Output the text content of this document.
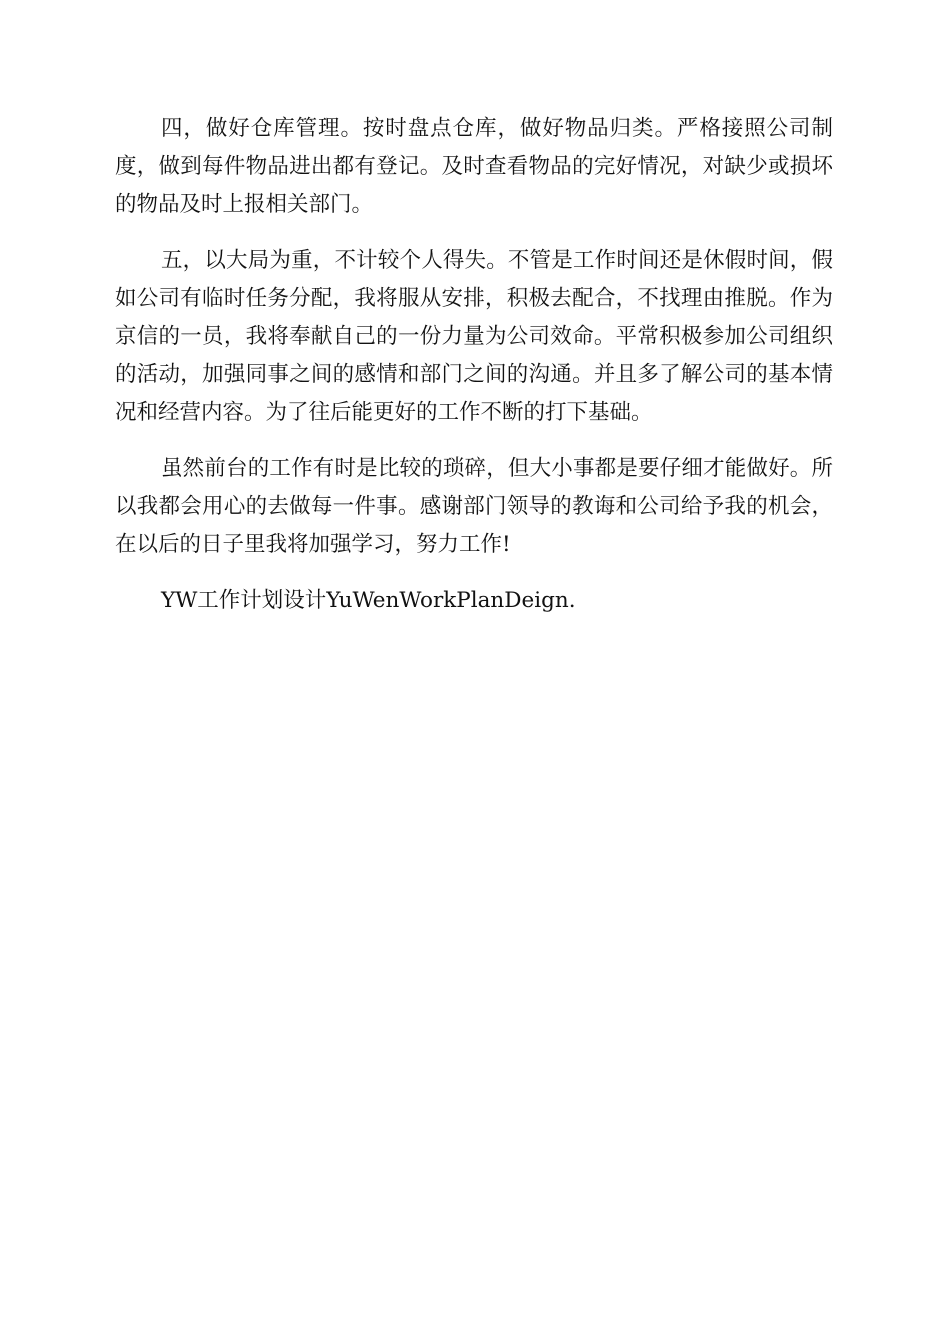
四，做好仓库管理。按时盘点仓库，做好物品归类。严格接照公司制度，做到每件物品进出都有登记。及时查看物品的完好情况，对缺少或损坏的物品及时上报相关部门。

五，以大局为重，不计较个人得失。不管是工作时间还是休假时间，假如公司有临时任务分配，我将服从安排，积极去配合，不找理由推脱。作为京信的一员，我将奉献自己的一份力量为公司效命。平常积极参加公司组织的活动，加强同事之间的感情和部门之间的沟通。并且多了解公司的基本情况和经营内容。为了往后能更好的工作不断的打下基础。

虽然前台的工作有时是比较的琐碎，但大小事都是要仔细才能做好。所以我都会用心的去做每一件事。感谢部门领导的教诲和公司给予我的机会，在以后的日子里我将加强学习，努力工作!

YW工作计划设计YuWenWorkPlanDeign.
